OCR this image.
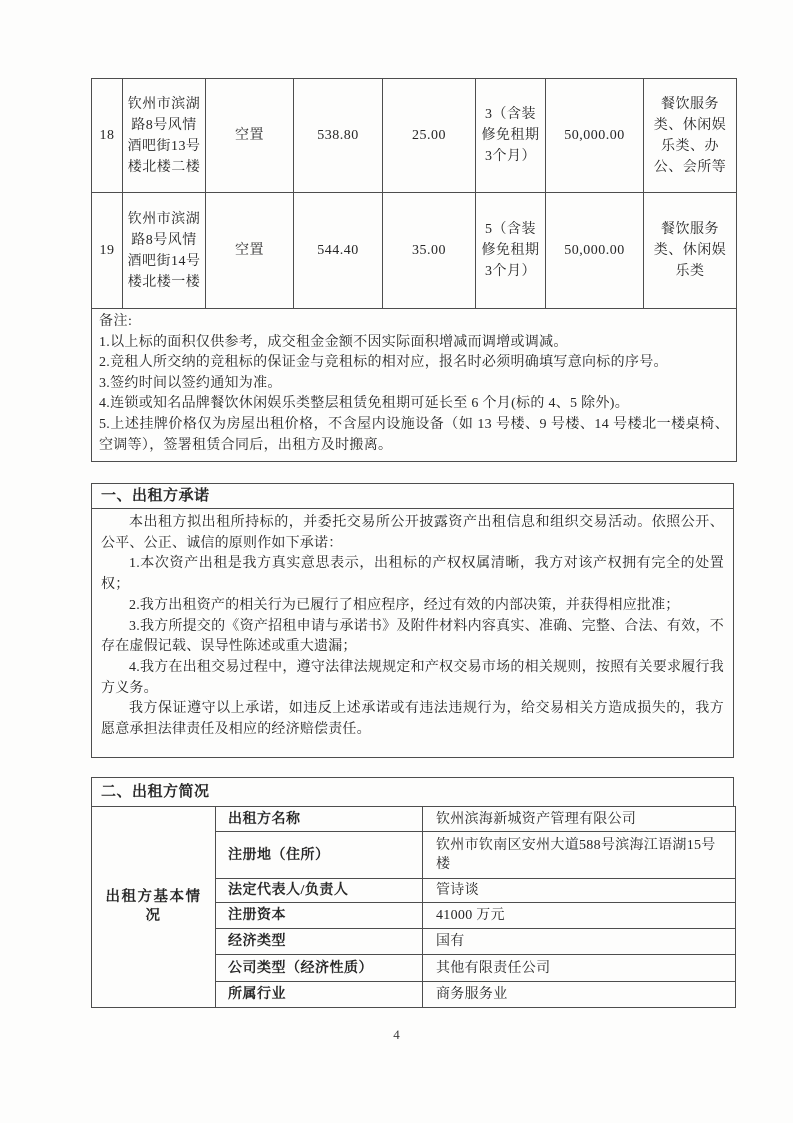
18	钦州市滨湖路8号风情酒吧街13号楼北楼二楼	空置	538.80	25.00	3（含装修免租期3个月）	50,000.00	餐饮服务类、休闲娱乐类、办公、会所等
19	钦州市滨湖路8号风情酒吧街14号楼北楼一楼	空置	544.40	35.00	5（含装修免租期3个月）	50,000.00	餐饮服务类、休闲娱乐类

备注:
1.以上标的面积仅供参考，成交租金金额不因实际面积增减而调增或调减。
2.竞租人所交纳的竞租标的保证金与竞租标的相对应，报名时必须明确填写意向标的序号。
3.签约时间以签约通知为准。
4.连锁或知名品牌餐饮休闲娱乐类整层租赁免租期可延长至 6 个月(标的 4、5 除外)。
5.上述挂牌价格仅为房屋出租价格，不含屋内设施设备（如 13 号楼、9 号楼、14 号楼北一楼桌椅、空调等），签署租赁合同后，出租方及时搬离。
一、出租方承诺

本出租方拟出租所持标的，并委托交易所公开披露资产出租信息和组织交易活动。依照公开、公平、公正、诚信的原则作如下承诺：

1.本次资产出租是我方真实意思表示，出租标的产权权属清晰，我方对该产权拥有完全的处置权；

2.我方出租资产的相关行为已履行了相应程序，经过有效的内部决策，并获得相应批准；

3.我方所提交的《资产招租申请与承诺书》及附件材料内容真实、准确、完整、合法、有效，不存在虚假记载、误导性陈述或重大遗漏；

4.我方在出租交易过程中，遵守法律法规规定和产权交易市场的相关规则，按照有关要求履行我方义务。

我方保证遵守以上承诺，如违反上述承诺或有违法违规行为，给交易相关方造成损失的，我方愿意承担法律责任及相应的经济赔偿责任。

二、出租方简况
出租方基本情况	出租方名称	钦州滨海新城资产管理有限公司
	注册地（住所）	钦州市钦南区安州大道588号滨海江语湖15号楼
	法定代表人/负责人	管诗谈
	注册资本	41000 万元
	经济类型	国有
	公司类型（经济性质）	其他有限责任公司
	所属行业	商务服务业
4
